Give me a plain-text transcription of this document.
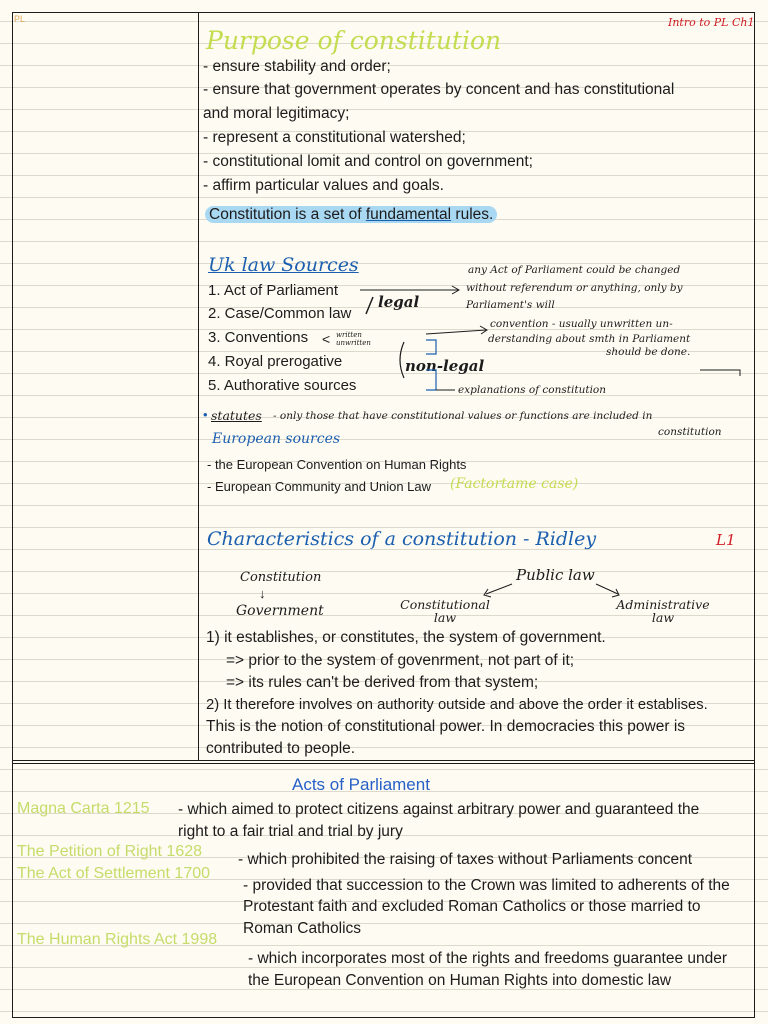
PL	Intro to PL Ch1
Purpose of constitution
- ensure stability and order;
- ensure that government operates by concent and has constitutional
and moral legitimacy;
- represent a constitutional watershed;
- constitutional lomit and control on government;
- affirm particular values and goals.
Constitution is a set of fundamental rules.
Uk law Sources
1. Act of Parliament
2. Case/Common law
3. Conventions
4. Royal prerogative
5. Authorative sources
< written unwritten
legal
non-legal
any Act of Parliament could be changed
without referendum or anything, only by
Parliament's will
convention - usually unwritten un-
derstanding about smth in Parliament
should be done.
explanations of constitution
• statutes - only those that have constitutional values or functions are included in
constitution
European sources
- the European Convention on Human Rights
- European Community and Union Law (Factortame case)
Characteristics of a constitution - Ridley	L1
Constitution
↓
Government
Public law
Constitutional law
Administrative law
1) it establishes, or constitutes, the system of government.
=> prior to the system of govenrment, not part of it;
=> its rules can't be derived from that system;
2) It therefore involves on authority outside and above the order it establises.
This is the notion of constitutional power. In democracies this power is
contributed to people.
Acts of Parliament
Magna Carta 1215 - which aimed to protect citizens against arbitrary power and guaranteed the
right to a fair trial and trial by jury
The Petition of Right 1628 - which prohibited the raising of taxes without Parliaments concent
The Act of Settlement 1700
- provided that succession to the Crown was limited to adherents of the
Protestant faith and excluded Roman Catholics or those married to
Roman Catholics
The Human Rights Act 1998
- which incorporates most of the rights and freedoms guarantee under
the European Convention on Human Rights into domestic law
